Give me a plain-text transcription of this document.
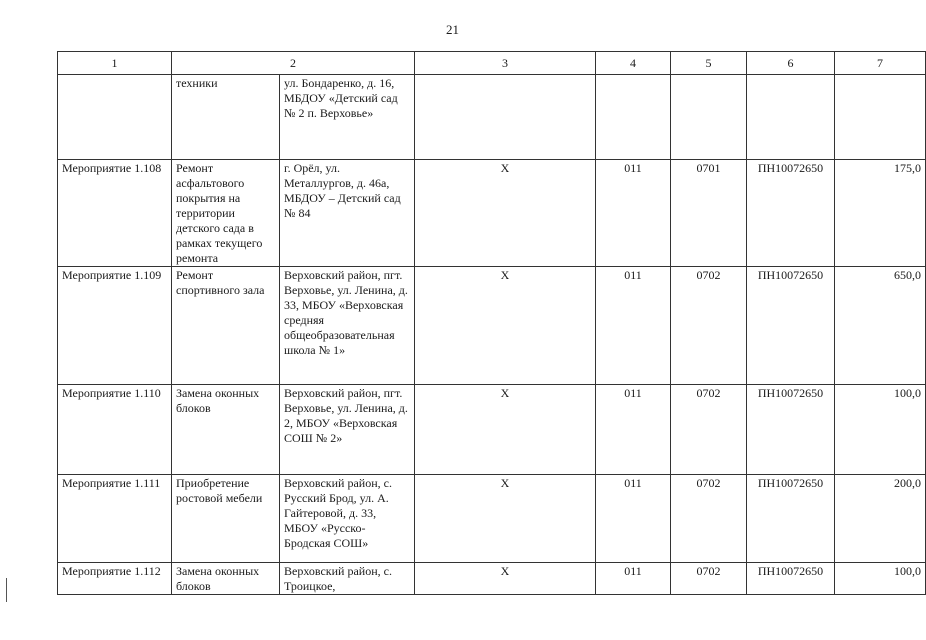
21
1	2		3	4	5	6	7
	техники	ул. Бондаренко, д. 16, МБДОУ «Детский сад № 2 п. Верховье»					
Мероприятие 1.108	Ремонт асфальтового покрытия на территории детского сада в рамках текущего ремонта	г. Орёл, ул. Металлургов, д. 46а, МБДОУ – Детский сад № 84	X	011	0701	ПН10072650	175,0
Мероприятие 1.109	Ремонт спортивного зала	Верховский район, пгт. Верховье, ул. Ленина, д. 33, МБОУ «Верховская средняя общеобразовательная школа № 1»	X	011	0702	ПН10072650	650,0
Мероприятие 1.110	Замена оконных блоков	Верховский район, пгт. Верховье, ул. Ленина, д. 2, МБОУ «Верховская СОШ № 2»	X	011	0702	ПН10072650	100,0
Мероприятие 1.111	Приобретение ростовой мебели	Верховский район, с. Русский Брод, ул. А. Гайтеровой, д. 33, МБОУ «Русско-Бродская СОШ»	X	011	0702	ПН10072650	200,0
Мероприятие 1.112	Замена оконных блоков	Верховский район, с. Троицкое,	X	011	0702	ПН10072650	100,0
